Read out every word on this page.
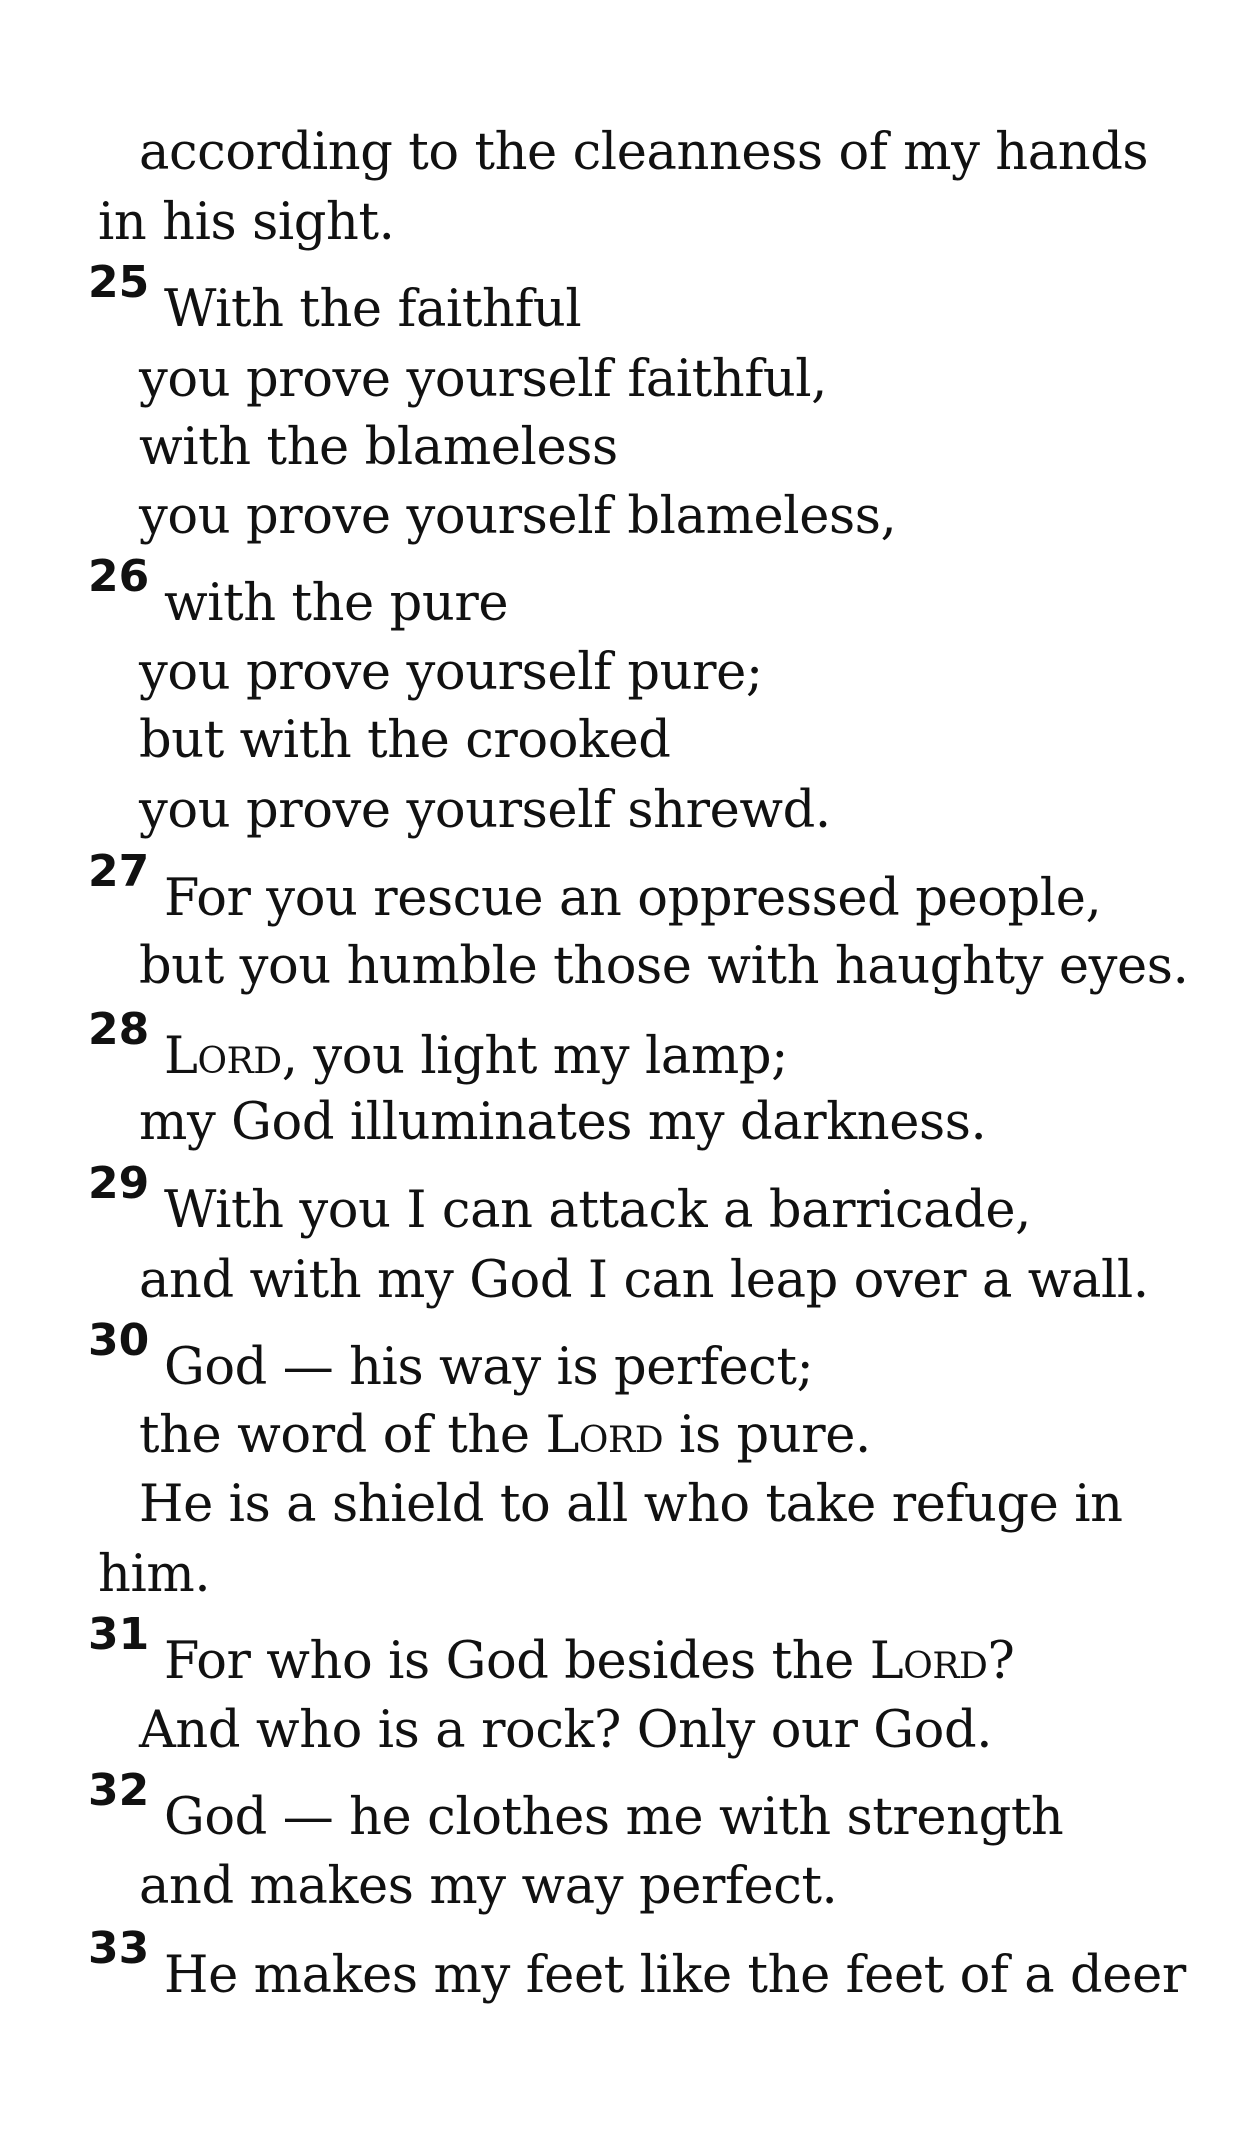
according to the cleanness of my hands
in his sight.
25 With the faithful
you prove yourself faithful,
with the blameless
you prove yourself blameless,
26 with the pure
you prove yourself pure;
but with the crooked
you prove yourself shrewd.
27 For you rescue an oppressed people,
but you humble those with haughty eyes.
28 Lord, you light my lamp;
my God illuminates my darkness.
29 With you I can attack a barricade,
and with my God I can leap over a wall.
30 God — his way is perfect;
the word of the Lord is pure.
He is a shield to all who take refuge in
him.
31 For who is God besides the Lord?
And who is a rock? Only our God.
32 God — he clothes me with strength
and makes my way perfect.
33 He makes my feet like the feet of a deer
